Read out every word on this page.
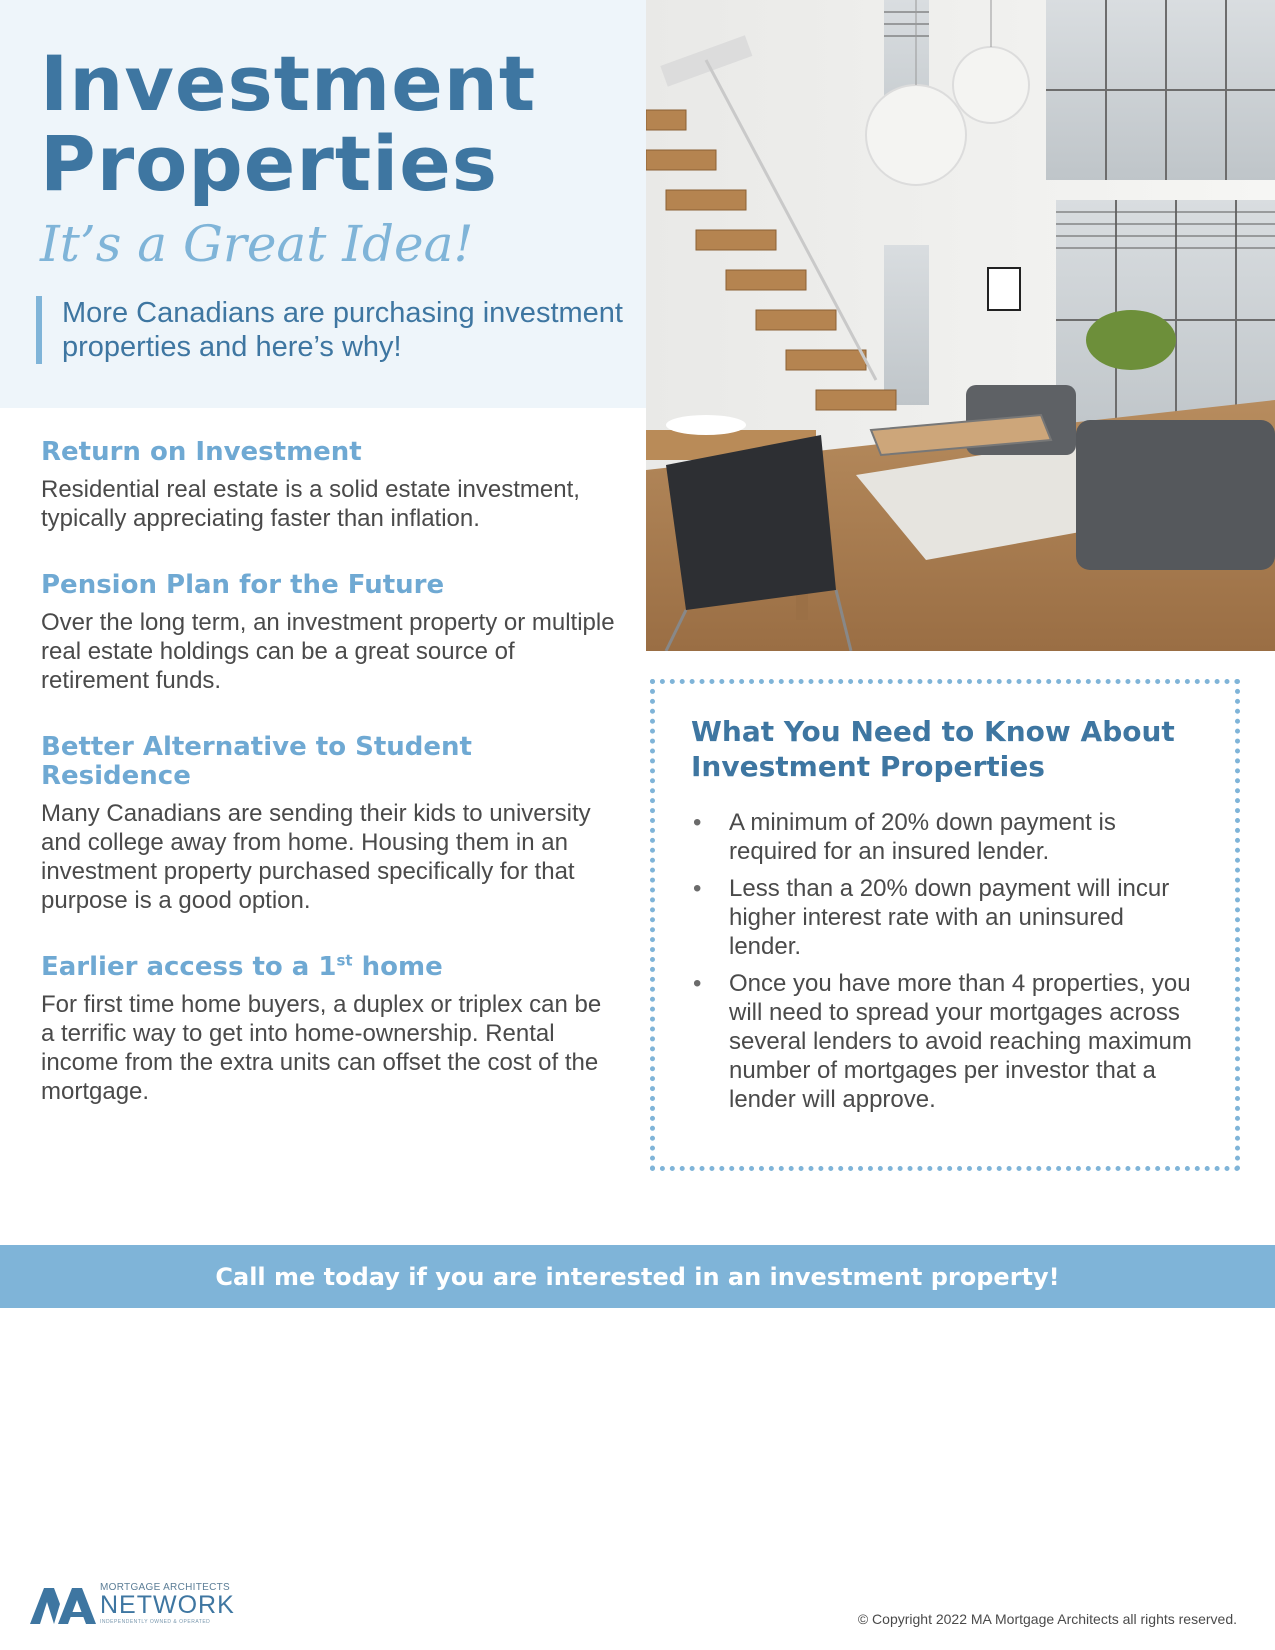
Investment
Properties
It’s a Great Idea!
More Canadians are purchasing investment properties and here’s why!
Return on Investment

Residential real estate is a solid estate investment, typically appreciating faster than inflation.

Pension Plan for the Future

Over the long term, an investment property or multiple real estate holdings can be a great source of retirement funds.

Better Alternative to Student Residence

Many Canadians are sending their kids to university and college away from home. Housing them in an investment property purchased specifically for that purpose is a good option.

Earlier access to a 1st home

For first time home buyers, a duplex or triplex can be a terrific way to get into home-ownership. Rental income from the extra units can offset the cost of the mortgage.

What You Need to Know About Investment Properties
• A minimum of 20% down payment is required for an insured lender.
• Less than a 20% down payment will incur higher interest rate with an uninsured lender.
• Once you have more than 4 properties, you will need to spread your mortgages across several lenders to avoid reaching maximum number of mortgages per investor that a lender will approve.
Call me today if you are interested in an investment property!
MORTGAGE ARCHITECTS
NETWORK
INDEPENDENTLY OWNED & OPERATED	© Copyright 2022 MA Mortgage Architects all rights reserved.
